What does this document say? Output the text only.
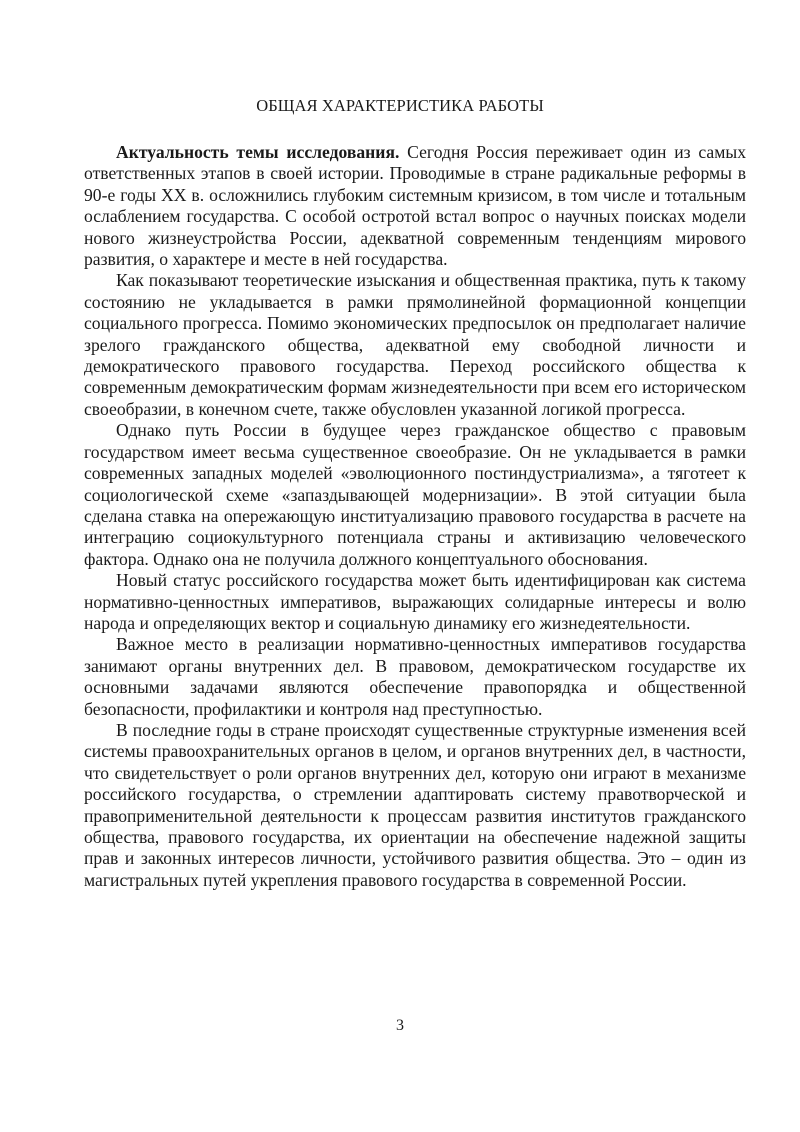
ОБЩАЯ ХАРАКТЕРИСТИКА РАБОТЫ

Актуальность темы исследования. Сегодня Россия переживает один из самых ответственных этапов в своей истории. Проводимые в стране радикальные реформы в 90-е годы XX в. осложнились глубоким системным кризисом, в том числе и тотальным ослаблением государства. С особой остротой встал вопрос о научных поисках модели нового жизнеустройства России, адекватной современным тенденциям мирового развития, о характере и месте в ней государства.

Как показывают теоретические изыскания и общественная практика, путь к такому состоянию не укладывается в рамки прямолинейной формационной концепции социального прогресса. Помимо экономических предпосылок он предполагает наличие зрелого гражданского общества, адекватной ему свободной личности и демократического правового государства. Переход российского общества к современным демократическим формам жизнедеятельности при всем его историческом своеобразии, в конечном счете, также обусловлен указанной логикой прогресса.

Однако путь России в будущее через гражданское общество с правовым государством имеет весьма существенное своеобразие. Он не укладывается в рамки современных западных моделей «эволюционного постиндустриализма», а тяготеет к социологической схеме «запаздывающей модернизации». В этой ситуации была сделана ставка на опережающую институализацию правового государства в расчете на интеграцию социокультурного потенциала страны и активизацию человеческого фактора. Однако она не получила должного концептуального обоснования.

Новый статус российского государства может быть идентифицирован как система нормативно-ценностных императивов, выражающих солидарные интересы и волю народа и определяющих вектор и социальную динамику его жизнедеятельности.

Важное место в реализации нормативно-ценностных императивов государства занимают органы внутренних дел. В правовом, демократическом государстве их основными задачами являются обеспечение правопорядка и общественной безопасности, профилактики и контроля над преступностью.

В последние годы в стране происходят существенные структурные изменения всей системы правоохранительных органов в целом, и органов внутренних дел, в частности, что свидетельствует о роли органов внутренних дел, которую они играют в механизме российского государства, о стремлении адаптировать систему правотворческой и правоприменительной деятельности к процессам развития институтов гражданского общества, правового государства, их ориентации на обеспечение надежной защиты прав и законных интересов личности, устойчивого развития общества. Это – один из магистральных путей укрепления правового государства в современной России.

3
